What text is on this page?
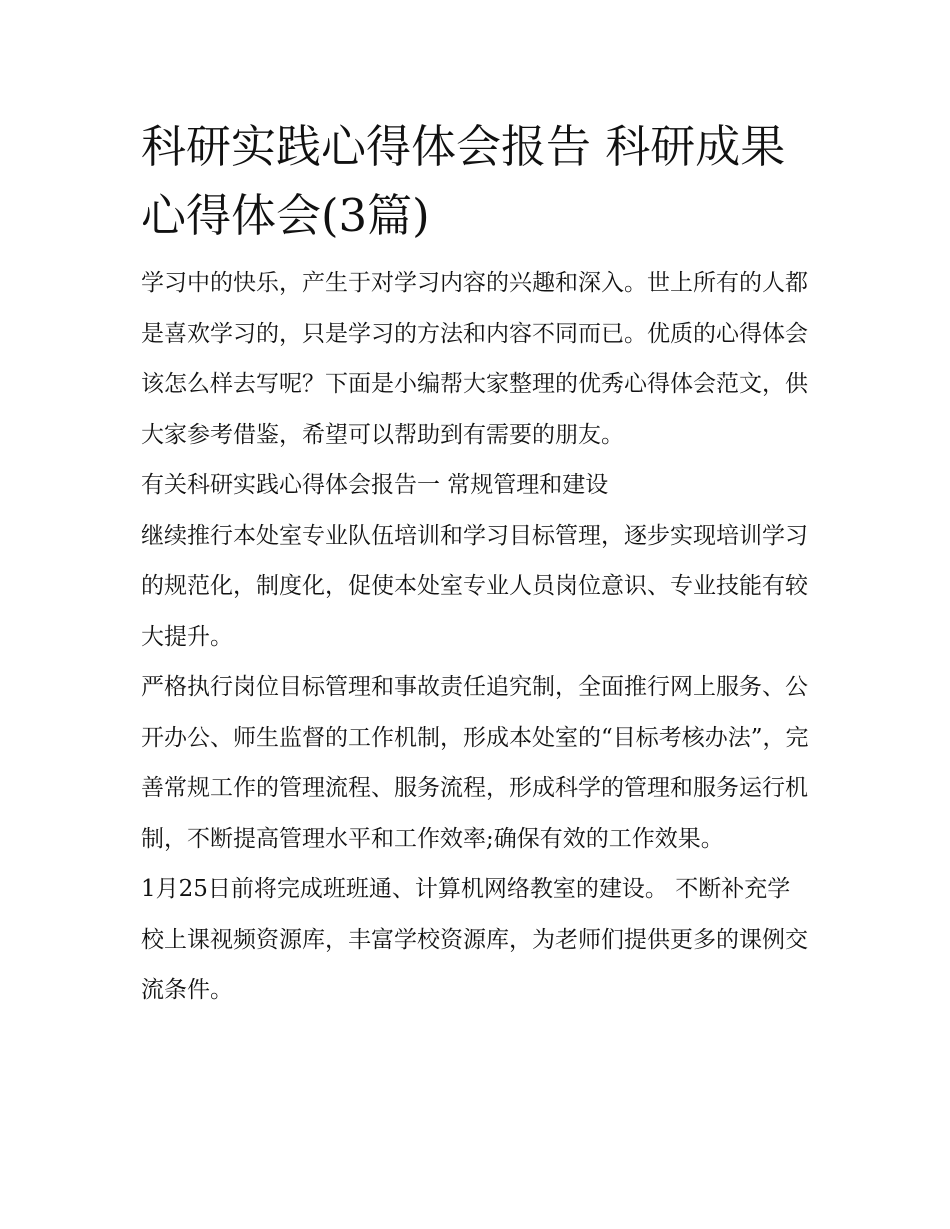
科研实践心得体会报告 科研成果心得体会(3篇)

学习中的快乐，产生于对学习内容的兴趣和深入。世上所有的人都是喜欢学习的，只是学习的方法和内容不同而已。优质的心得体会该怎么样去写呢？下面是小编帮大家整理的优秀心得体会范文，供大家参考借鉴，希望可以帮助到有需要的朋友。

有关科研实践心得体会报告一 常规管理和建设

继续推行本处室专业队伍培训和学习目标管理，逐步实现培训学习的规范化，制度化，促使本处室专业人员岗位意识、专业技能有较大提升。

严格执行岗位目标管理和事故责任追究制，全面推行网上服务、公开办公、师生监督的工作机制，形成本处室的“目标考核办法”，完善常规工作的管理流程、服务流程，形成科学的管理和服务运行机制，不断提高管理水平和工作效率;确保有效的工作效果。

1月25日前将完成班班通、计算机网络教室的建设。 不断补充学校上课视频资源库，丰富学校资源库，为老师们提供更多的课例交流条件。
